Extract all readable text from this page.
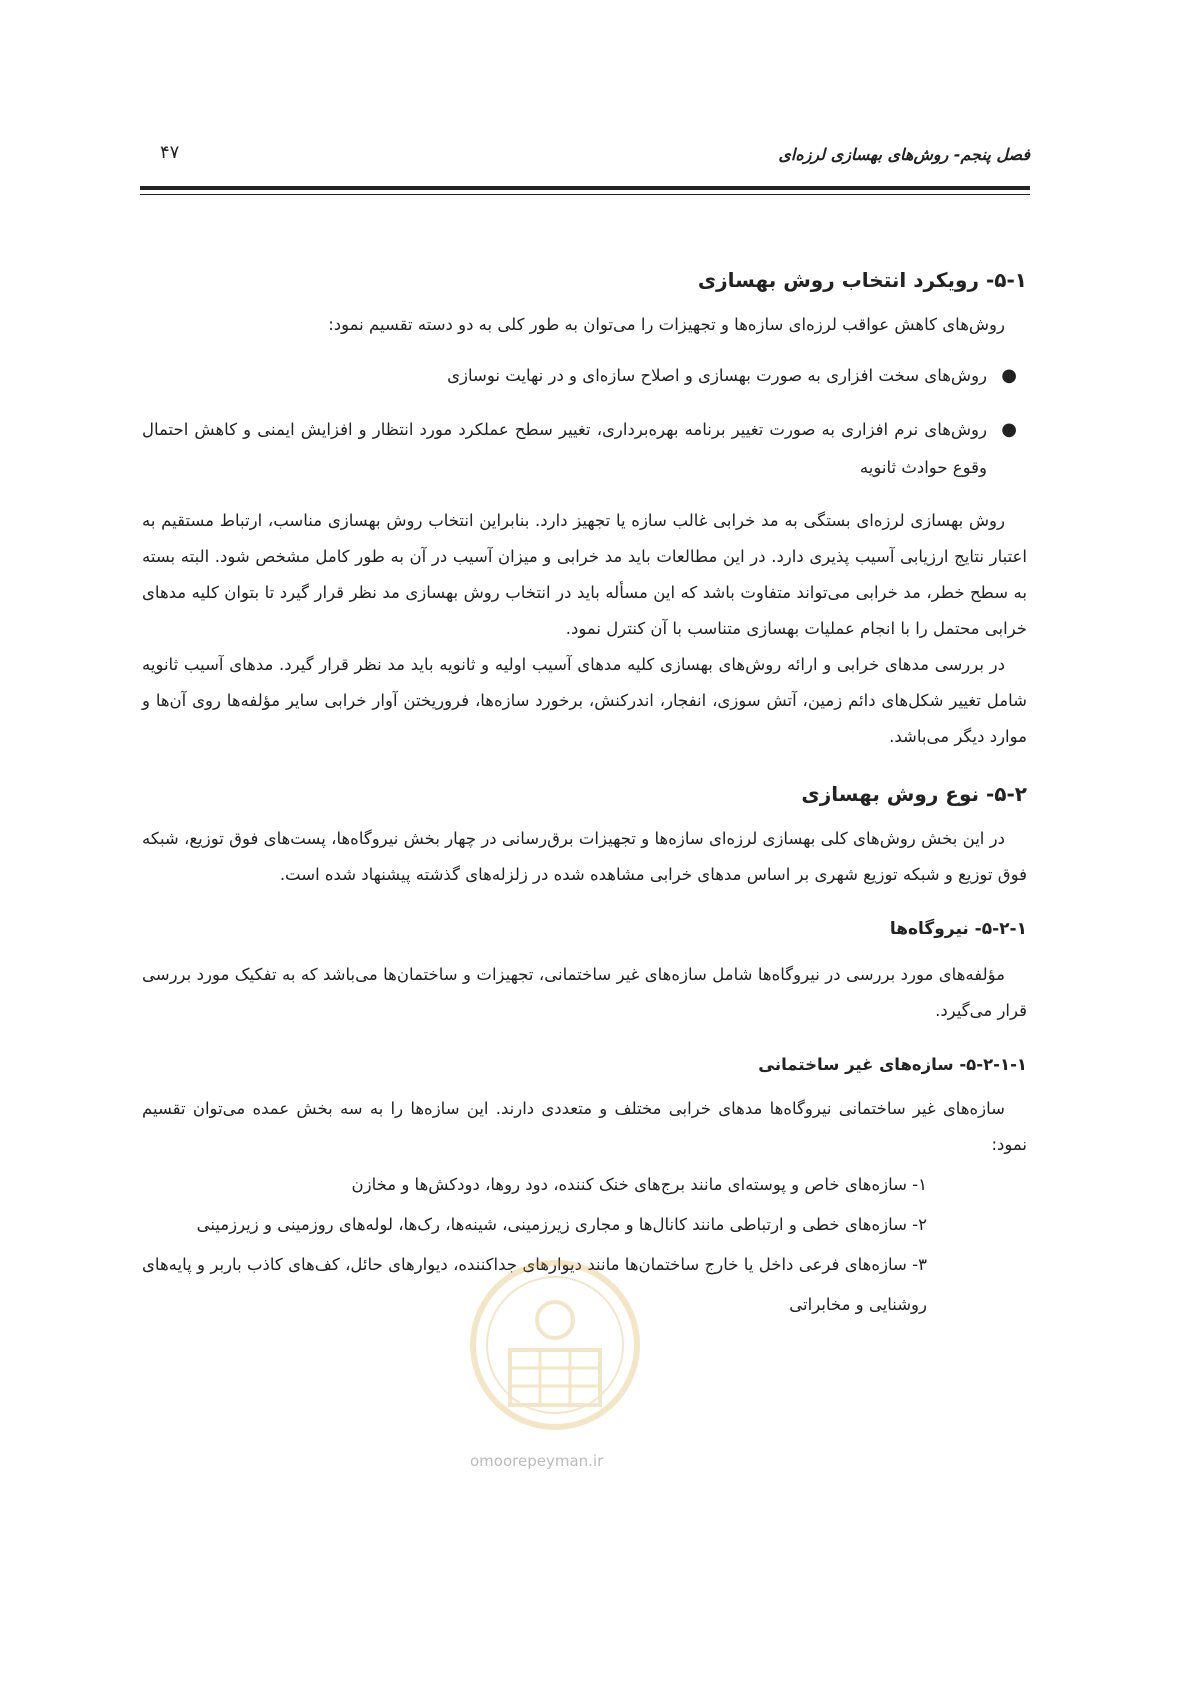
فصل پنجم- روش‌های بهسازی لرزه‌ای
۴۷
۵-۱- رویکرد انتخاب روش بهسازی

روش‌های کاهش عواقب لرزه‌ای سازه‌ها و تجهیزات را می‌توان به طور کلی به دو دسته تقسیم نمود:

●
روش‌های سخت افزاری به صورت بهسازی و اصلاح سازه‌ای و در نهایت نوسازی
●
روش‌های نرم افزاری به صورت تغییر برنامه بهره‌برداری، تغییر سطح عملکرد مورد انتظار و افزایش ایمنی و کاهش احتمال وقوع حوادث ثانویه

روش بهسازی لرزه‌ای بستگی به مد خرابی غالب سازه یا تجهیز دارد. بنابراین انتخاب روش بهسازی مناسب، ارتباط مستقیم به اعتبار نتایج ارزیابی آسیب پذیری دارد. در این مطالعات باید مد خرابی و میزان آسیب در آن به طور کامل مشخص شود. البته بسته به سطح خطر، مد خرابی می‌تواند متفاوت باشد که این مسأله باید در انتخاب روش بهسازی مد نظر قرار گیرد تا بتوان کلیه مدهای خرابی محتمل را با انجام عملیات بهسازی متناسب با آن کنترل نمود.

در بررسی مدهای خرابی و ارائه روش‌های بهسازی کلیه مدهای آسیب اولیه و ثانویه باید مد نظر قرار گیرد. مدهای آسیب ثانویه شامل تغییر شکل‌های دائم زمین، آتش سوزی، انفجار، اندرکنش، برخورد سازه‌ها، فروریختن آوار خرابی سایر مؤلفه‌ها روی آن‌ها و موارد دیگر می‌باشد.

۵-۲- نوع روش بهسازی

در این بخش روش‌های کلی بهسازی لرزه‌ای سازه‌ها و تجهیزات برق‌رسانی در چهار بخش نیروگاه‌ها، پست‌های فوق توزیع، شبکه فوق توزیع و شبکه توزیع شهری بر اساس مدهای خرابی مشاهده شده در زلزله‌های گذشته پیشنهاد شده است.

۵-۲-۱- نیروگاه‌ها

مؤلفه‌های مورد بررسی در نیروگاه‌ها شامل سازه‌های غیر ساختمانی، تجهیزات و ساختمان‌ها می‌باشد که به تفکیک مورد بررسی قرار می‌گیرد.

۵-۲-۱-۱- سازه‌های غیر ساختمانی

سازه‌های غیر ساختمانی نیروگاه‌ها مدهای خرابی مختلف و متعددی دارند. این سازه‌ها را به سه بخش عمده می‌توان تقسیم نمود:

۱- سازه‌های خاص و پوسته‌ای مانند برج‌های خنک کننده، دود روها، دودکش‌ها و مخازن
۲- سازه‌های خطی و ارتباطی مانند کانال‌ها و مجاری زیرزمینی، شینه‌ها، رک‌ها، لوله‌های روزمینی و زیرزمینی
۳- سازه‌های فرعی داخل یا خارج ساختمان‌ها مانند دیوارهای جداکننده، دیوارهای حائل، کف‌های کاذب باربر و پایه‌های روشنایی و مخابراتی
omoorepeyman.ir
